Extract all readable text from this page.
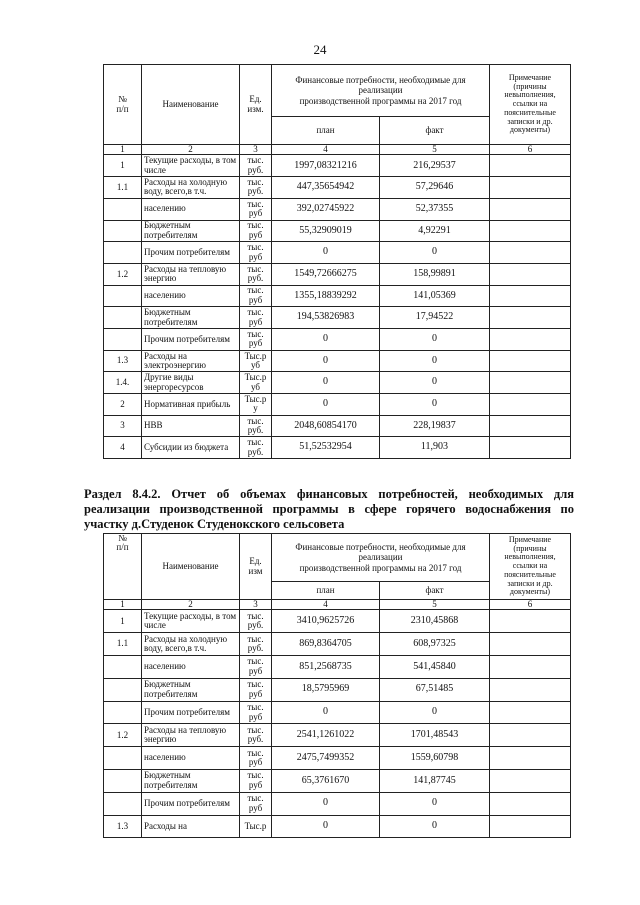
24
№
п/п	Наименование	Ед.
изм.	Финансовые потребности, необходимые для реализации
производственной программы на 2017 год		Примечание (причины невыполнения, ссылки на пояснительные записки и др. документы)
			план	факт	
1	2	3	4	5	6
1	Текущие расходы, в том числе	тыс. руб.	1997,08321216	216,29537	
1.1	Расходы на холодную воду, всего,в т.ч.	тыс. руб.	447,35654942	57,29646	
	населению	тыс. руб	392,02745922	52,37355	
	Бюджетным потребителям	тыс. руб	55,32909019	4,92291	
	Прочим потребителям	тыс. руб	0	0	
1.2	Расходы на тепловую энергию	тыс. руб.	1549,72666275	158,99891	
	населению	тыс. руб	1355,18839292	141,05369	
	Бюджетным потребителям	тыс. руб	194,53826983	17,94522	
	Прочим потребителям	тыс. руб	0	0	
1.3	Расходы на электроэнергию	Тыс.р уб	0	0	
1.4.	Другие виды энергоресурсов	Тыс.р уб	0	0	
2	Нормативная прибыль	Тыс.р у	0	0	
3	НВВ	тыс. руб.	2048,60854170	228,19837	
4	Субсидии из бюджета	тыс. руб.	51,52532954	11,903	
Раздел 8.4.2. Отчет об объемах финансовых потребностей, необходимых для реализации производственной программы в сфере горячего водоснабжения по участку д.Студенок Студенокского сельсовета
№
п/п	Наименование	Ед.
изм	Финансовые потребности, необходимые для реализации
производственной программы на 2017 год		Примечание (причины невыполнения, ссылки на пояснительные записки и др. документы)
			план	факт	
1	2	3	4	5	6
1	Текущие расходы, в том числе	тыс. руб.	3410,9625726	2310,45868	
1.1	Расходы на холодную воду, всего,в т.ч.	тыс. руб.	869,8364705	608,97325	
	населению	тыс. руб	851,2568735	541,45840	
	Бюджетным потребителям	тыс. руб	18,5795969	67,51485	
	Прочим потребителям	тыс. руб	0	0	
1.2	Расходы на тепловую энергию	тыс. руб.	2541,1261022	1701,48543	
	населению	тыс. руб	2475,7499352	1559,60798	
	Бюджетным потребителям	тыс. руб	65,3761670	141,87745	
	Прочим потребителям	тыс. руб	0	0	
1.3	Расходы на	Тыс.р	0	0	
